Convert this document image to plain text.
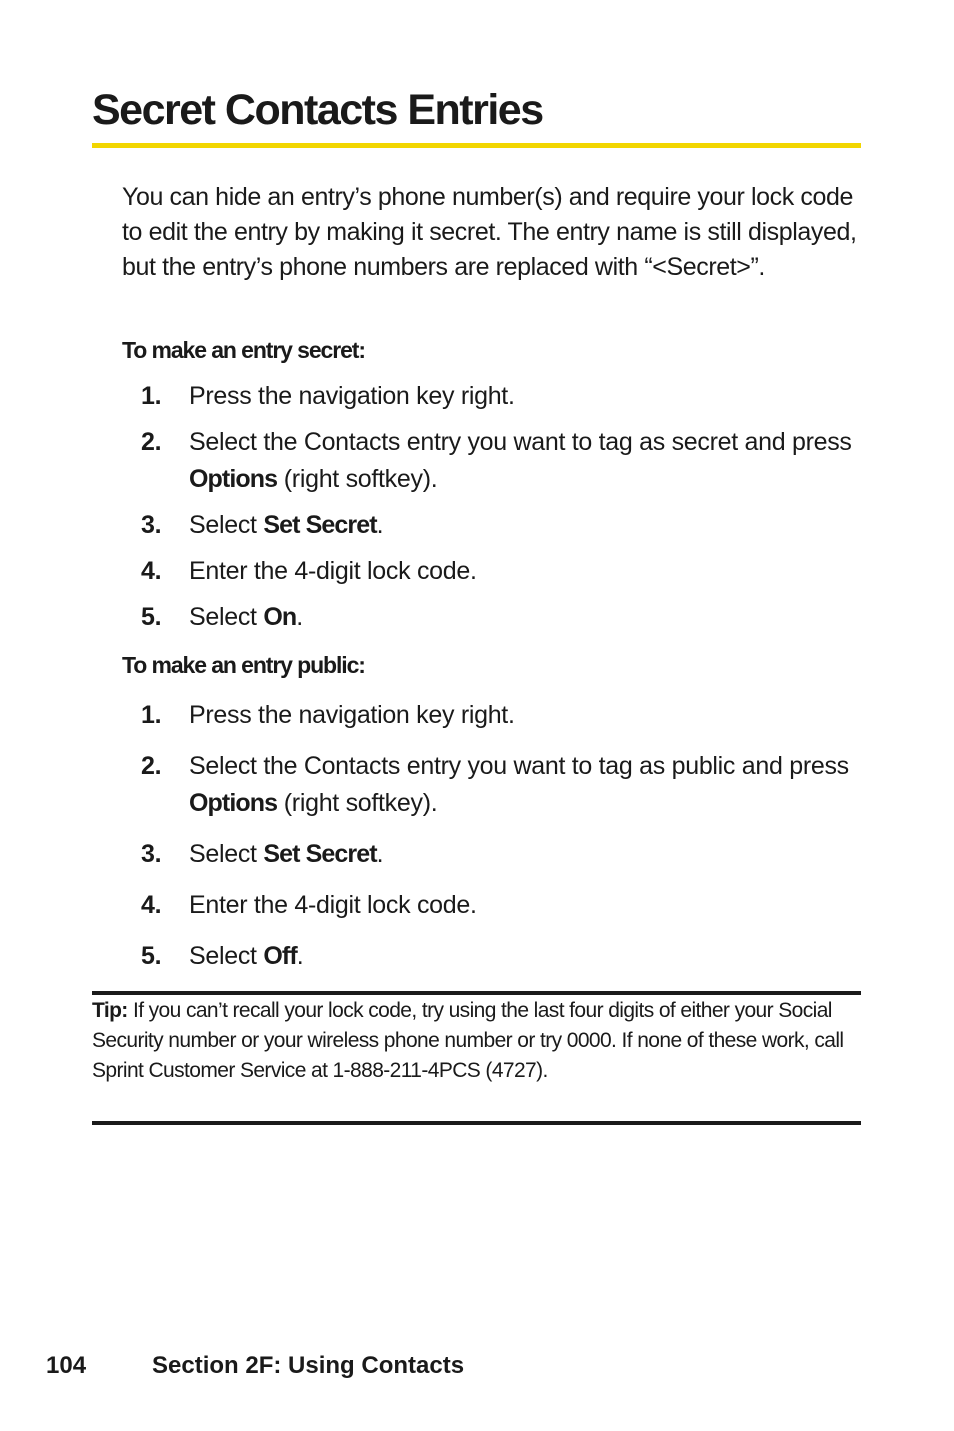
Secret Contacts Entries

You can hide an entry’s phone number(s) and require your lock code to edit the entry by making it secret. The entry name is still displayed, but the entry’s phone numbers are replaced with “<Secret>”.

To make an entry secret:

1.	Press the navigation key right.
2.	Select the Contacts entry you want to tag as secret and press Options (right softkey).
3.	Select Set Secret.
4.	Enter the 4-digit lock code.
5.	Select On.

To make an entry public:

1.	Press the navigation key right.
2.	Select the Contacts entry you want to tag as public and press Options (right softkey).
3.	Select Set Secret.
4.	Enter the 4-digit lock code.
5.	Select Off.

Tip: If you can’t recall your lock code, try using the last four digits of either your Social Security number or your wireless phone number or try 0000. If none of these work, call Sprint Customer Service at 1-888-211-4PCS (4727).

104	Section 2F: Using Contacts
